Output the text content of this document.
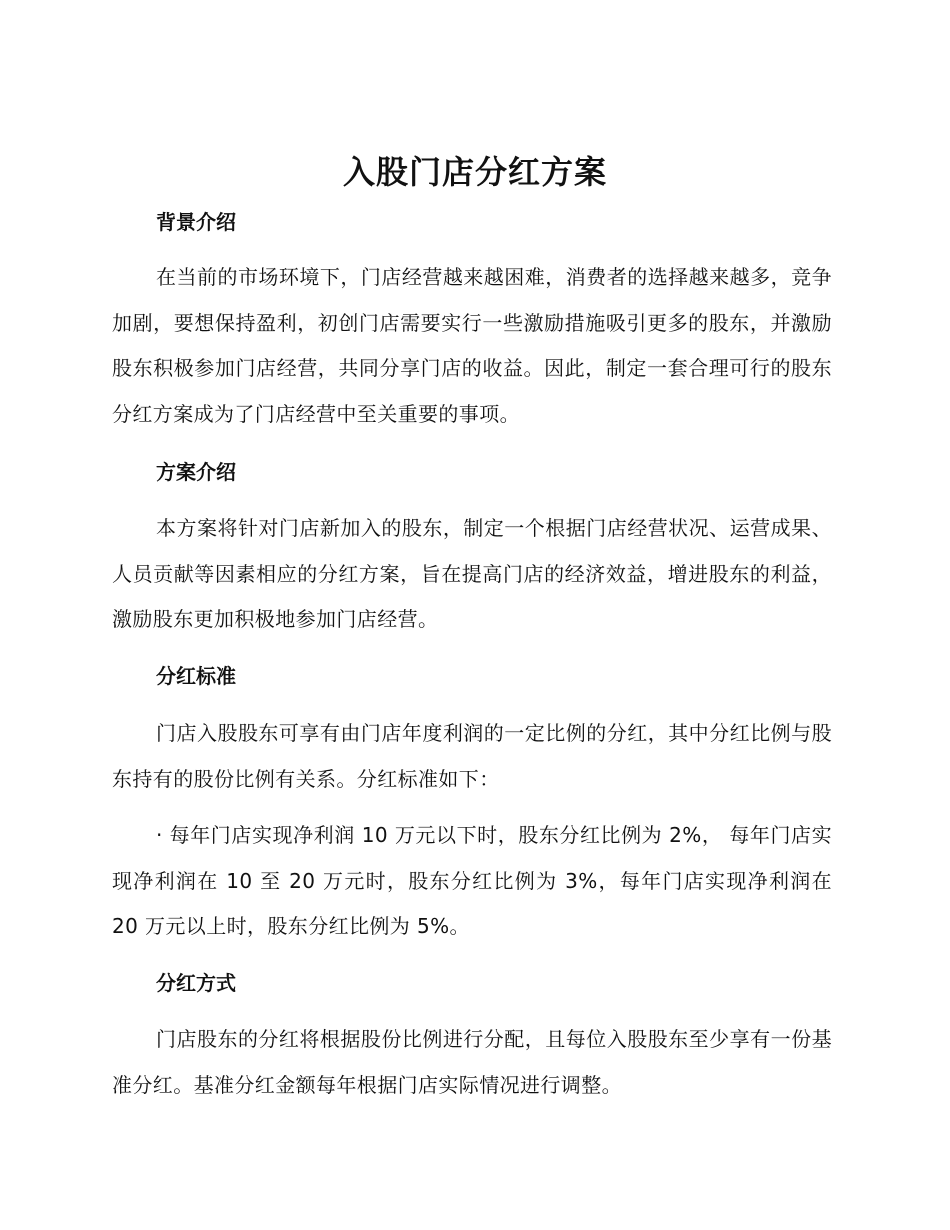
入股门店分红方案
背景介绍

在当前的市场环境下，门店经营越来越困难，消费者的选择越来越多，竞争加剧，要想保持盈利，初创门店需要实行一些激励措施吸引更多的股东，并激励股东积极参加门店经营，共同分享门店的收益。因此，制定一套合理可行的股东分红方案成为了门店经营中至关重要的事项。

方案介绍

本方案将针对门店新加入的股东，制定一个根据门店经营状况、运营成果、人员贡献等因素相应的分红方案，旨在提高门店的经济效益，增进股东的利益，激励股东更加积极地参加门店经营。

分红标准

门店入股股东可享有由门店年度利润的一定比例的分红，其中分红比例与股东持有的股份比例有关系。分红标准如下：

· 每年门店实现净利润 10 万元以下时，股东分红比例为 2%， 每年门店实现净利润在 10 至 20 万元时，股东分红比例为 3%，每年门店实现净利润在 20 万元以上时，股东分红比例为 5%。

分红方式

门店股东的分红将根据股份比例进行分配，且每位入股股东至少享有一份基准分红。基准分红金额每年根据门店实际情况进行调整。
